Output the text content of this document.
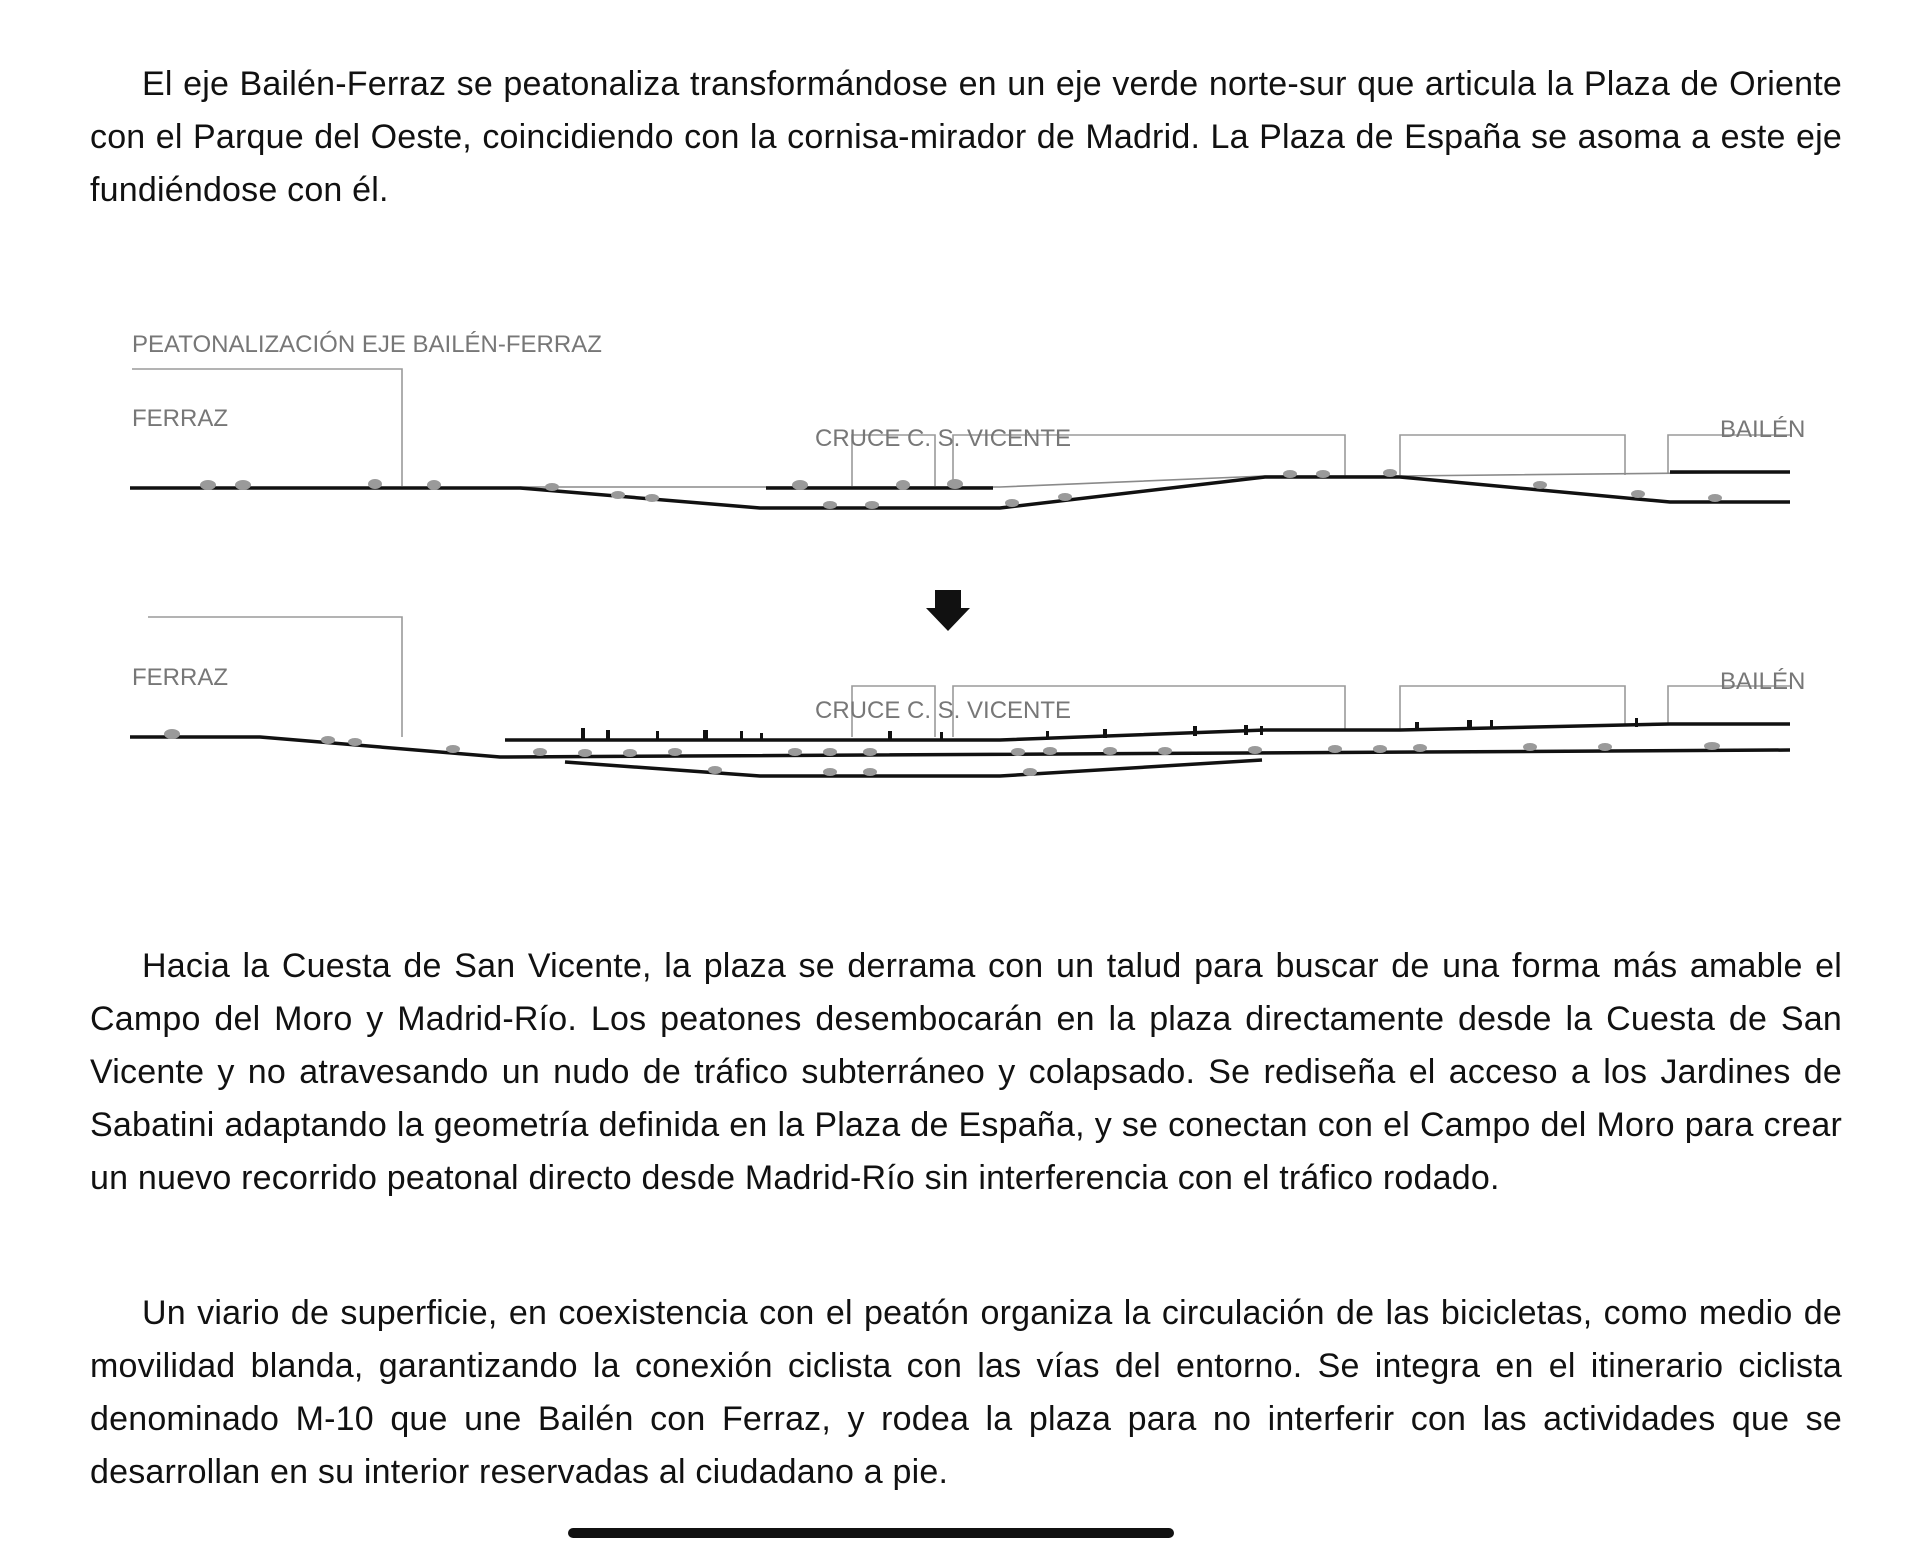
El eje Bailén-Ferraz se peatonaliza transformándose en un eje verde norte-sur que articula la Plaza de Oriente con el Parque del Oeste, coincidiendo con la cornisa-mirador de Madrid. La Plaza de España se asoma a este eje fundiéndose con él.

PEATONALIZACIÓN EJE BAILÉN-FERRAZ
FERRAZ
CRUCE C. S. VICENTE	BAILÉN
FERRAZ
CRUCE C. S. VICENTE
BAILÉN

Hacia la Cuesta de San Vicente, la plaza se derrama con un talud para buscar de una forma más amable el Campo del Moro y Madrid-Río. Los peatones desembocarán en la plaza directamente desde la Cuesta de San Vicente y no atravesando un nudo de tráfico subterráneo y colapsado. Se rediseña el acceso a los Jardines de Sabatini adaptando la geometría definida en la Plaza de España, y se conectan con el Campo del Moro para crear un nuevo recorrido peatonal directo desde Madrid-Río sin interferencia con el tráfico rodado.

Un viario de superficie, en coexistencia con el peatón organiza la circulación de las bicicletas, como medio de movilidad blanda, garantizando la conexión ciclista con las vías del entorno. Se integra en el itinerario ciclista denominado M-10 que une Bailén con Ferraz, y rodea la plaza para no interferir con las actividades que se desarrollan en su interior reservadas al ciudadano a pie.
